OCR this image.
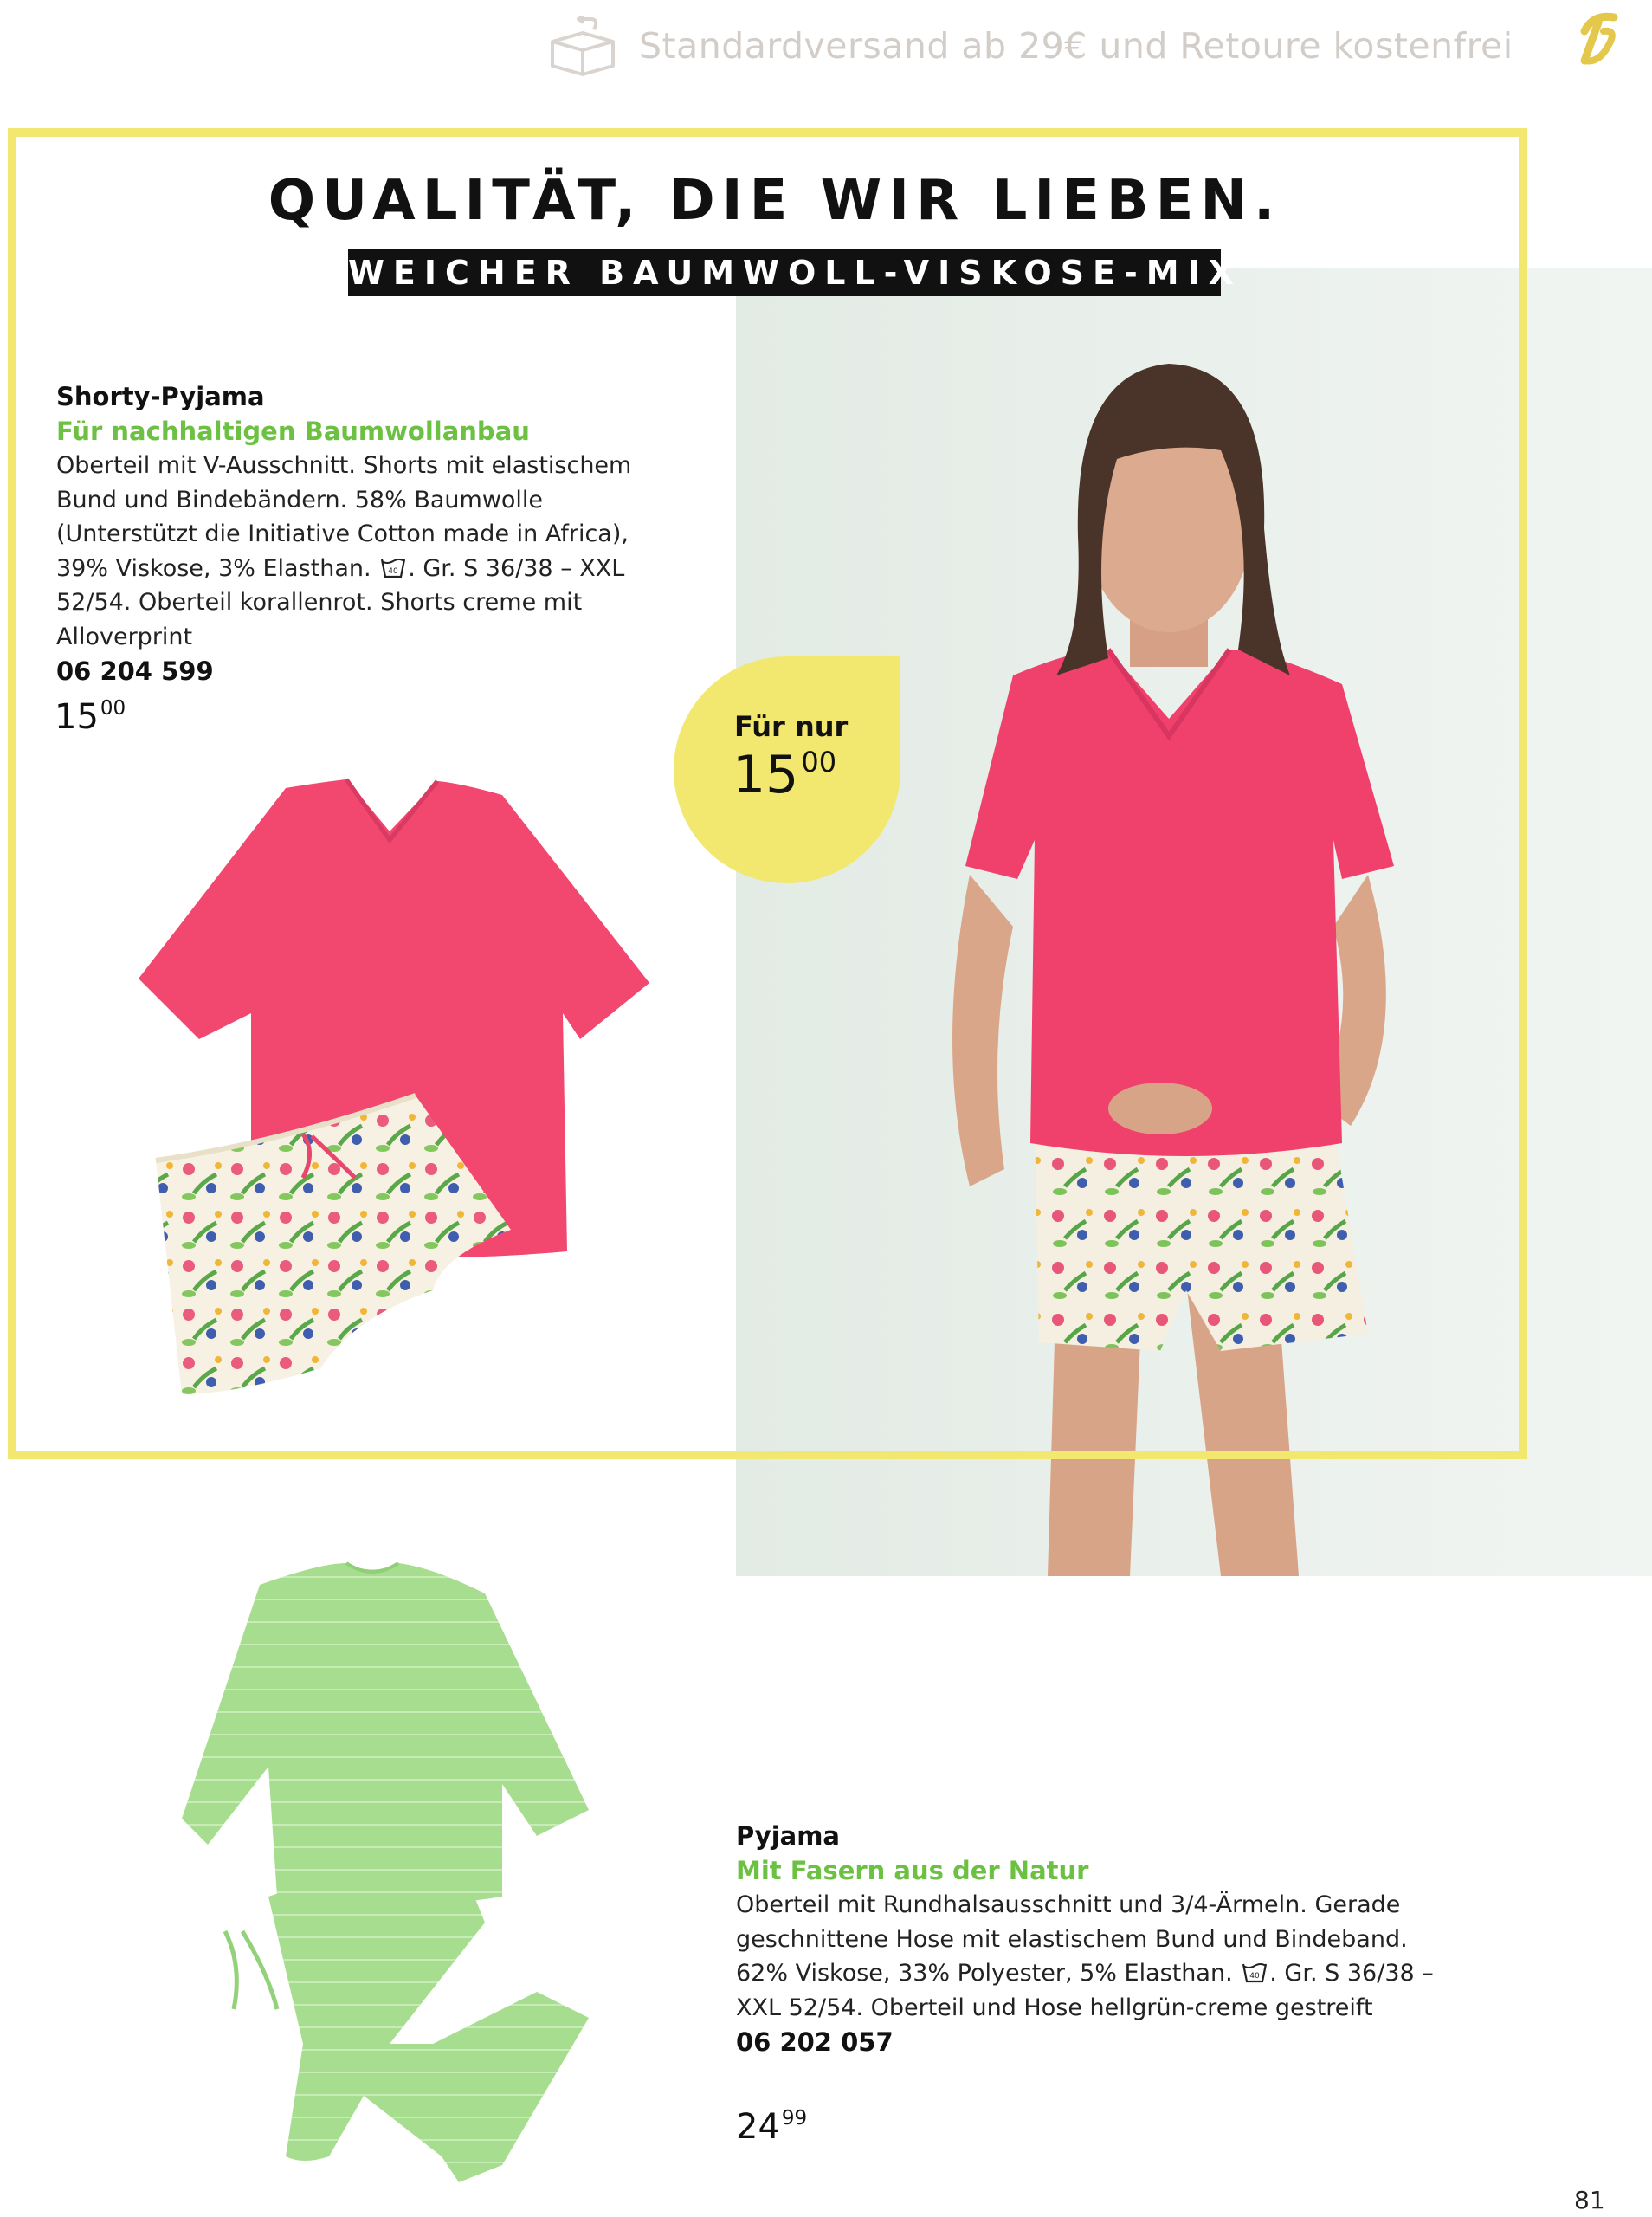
Standardversand ab 29€ und Retoure kostenfrei
QUALITÄT, DIE WIR LIEBEN.
WEICHER BAUMWOLL-VISKOSE-MIX
Shorty-Pyjama
Für nachhaltigen Baumwollanbau
Oberteil mit V-Ausschnitt. Shorts mit elastischem Bund und Bindebändern. 58% Baumwolle (Unterstützt die Initiative Cotton made in Africa), 39% Viskose, 3% Elasthan. 40 . Gr. S 36/38 – XXL 52/54. Oberteil korallenrot. Shorts creme mit Alloverprint
06 204 599
$15^{00}$
Für nur
$15^{00}$
Pyjama
Mit Fasern aus der Natur
Oberteil mit Rundhalsausschnitt und 3/4-Ärmeln. Gerade geschnittene Hose mit elastischem Bund und Bindeband. 62% Viskose, 33% Polyester, 5% Elasthan. 40 . Gr. S 36/38 – XXL 52/54. Oberteil und Hose hellgrün-creme gestreift
06 202 057
$24^{99}$
81
